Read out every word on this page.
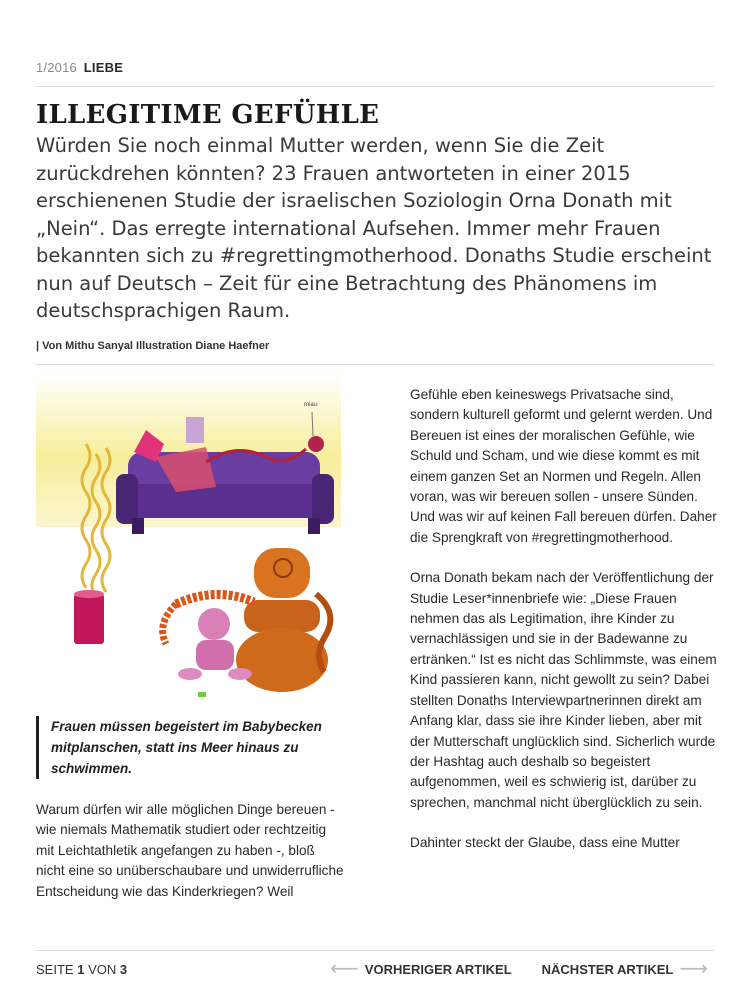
1/2016 LIEBE
ILLEGITIME GEFÜHLE

Würden Sie noch einmal Mutter werden, wenn Sie die Zeit zurückdrehen könnten? 23 Frauen antworteten in einer 2015 erschienenen Studie der israelischen Soziologin Orna Donath mit „Nein“. Das erregte international Aufsehen. Immer mehr Frauen bekannten sich zu #regrettingmotherhood. Donaths Studie erscheint nun auf Deutsch – Zeit für eine Betrachtung des Phänomens im deutschsprachigen Raum.

| Von Mithu Sanyal Illustration Diane Haefner
miau
Frauen müssen begeistert im Babybecken mitplanschen, statt ins Meer hinaus zu schwimmen.

Warum dürfen wir alle möglichen Dinge bereuen - wie niemals Mathematik studiert oder rechtzeitig mit Leichtathletik angefangen zu haben -, bloß nicht eine so unüberschaubare und unwiderrufliche Entscheidung wie das Kinderkriegen? Weil

Gefühle eben keineswegs Privatsache sind, sondern kulturell geformt und gelernt werden. Und Bereuen ist eines der moralischen Gefühle, wie Schuld und Scham, und wie diese kommt es mit einem ganzen Set an Normen und Regeln. Allen voran, was wir bereuen sollen - unsere Sünden. Und was wir auf keinen Fall bereuen dürfen. Daher die Sprengkraft von #regrettingmotherhood.

Orna Donath bekam nach der Veröffentlichung der Studie Leser*innenbriefe wie: „Diese Frauen nehmen das als Legitimation, ihre Kinder zu vernachlässigen und sie in der Badewanne zu ertränken.“ Ist es nicht das Schlimmste, was einem Kind passieren kann, nicht gewollt zu sein? Dabei stellten Donaths Interviewpartnerinnen direkt am Anfang klar, dass sie ihre Kinder lieben, aber mit der Mutterschaft unglücklich sind. Sicherlich wurde der Hashtag auch deshalb so begeistert aufgenommen, weil es schwierig ist, darüber zu sprechen, manchmal nicht überglücklich zu sein.

Dahinter steckt der Glaube, dass eine Mutter

SEITE 1 VON 3	⟵ VORHERIGER ARTIKEL NÄCHSTER ARTIKEL ⟶
